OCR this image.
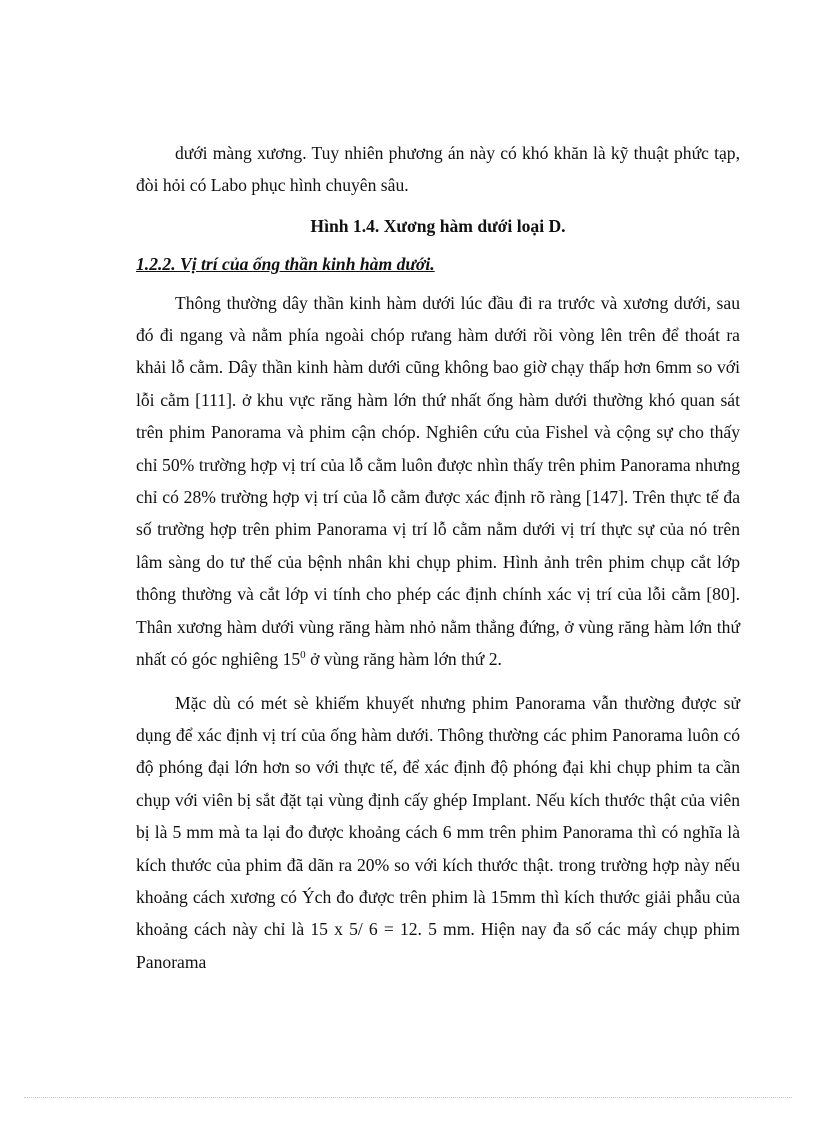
dưới màng xương. Tuy nhiên phương án này có khó khăn là kỹ thuật phức tạp, đòi hỏi có Labo phục hình chuyên sâu.

Hình 1.4. Xương hàm dưới loại D.
1.2.2. Vị trí của ống thần kinh hàm dưới.

Thông thường dây thần kinh hàm dưới lúc đầu đi ra trước và xương dưới, sau đó đi ngang và nằm phía ngoài chóp rưang hàm dưới rồi vòng lên trên để thoát ra khải lỗ cằm. Dây thần kinh hàm dưới cũng không bao giờ chạy thấp hơn 6mm so với lỗi cằm [111]. ở khu vực răng hàm lớn thứ nhất ống hàm dưới thường khó quan sát trên phim Panorama và phim cận chóp. Nghiên cứu của Fishel và cộng sự cho thấy chỉ 50% trường hợp vị trí của lỗ cằm luôn được nhìn thấy trên phim Panorama nhưng chỉ có 28% trường hợp vị trí của lỗ cằm được xác định rõ ràng [147]. Trên thực tế đa số trường hợp trên phim Panorama vị trí lỗ cằm nằm dưới vị trí thực sự của nó trên lâm sàng do tư thế của bệnh nhân khi chụp phim. Hình ảnh trên phim chụp cắt lớp thông thường và cắt lớp vi tính cho phép các định chính xác vị trí của lỗi cằm [80]. Thân xương hàm dưới vùng răng hàm nhỏ nằm thẳng đứng, ở vùng răng hàm lớn thứ nhất có góc nghiêng $15^0$ ở vùng răng hàm lớn thứ 2.

Mặc dù có mét sè khiếm khuyết nhưng phim Panorama vẫn thường được sử dụng để xác định vị trí của ống hàm dưới. Thông thường các phim Panorama luôn có độ phóng đại lớn hơn so với thực tế, để xác định độ phóng đại khi chụp phim ta cần chụp với viên bị sắt đặt tại vùng định cấy ghép Implant. Nếu kích thước thật của viên bị là 5 mm mà ta lại đo được khoảng cách 6 mm trên phim Panorama thì có nghĩa là kích thước của phim đã dãn ra 20% so với kích thước thật. trong trường hợp này nếu khoảng cách xương có Ých đo được trên phim là 15mm thì kích thước giải phẫu của khoảng cách này chỉ là 15 x 5/ 6 = 12. 5 mm. Hiện nay đa số các máy chụp phim Panorama
